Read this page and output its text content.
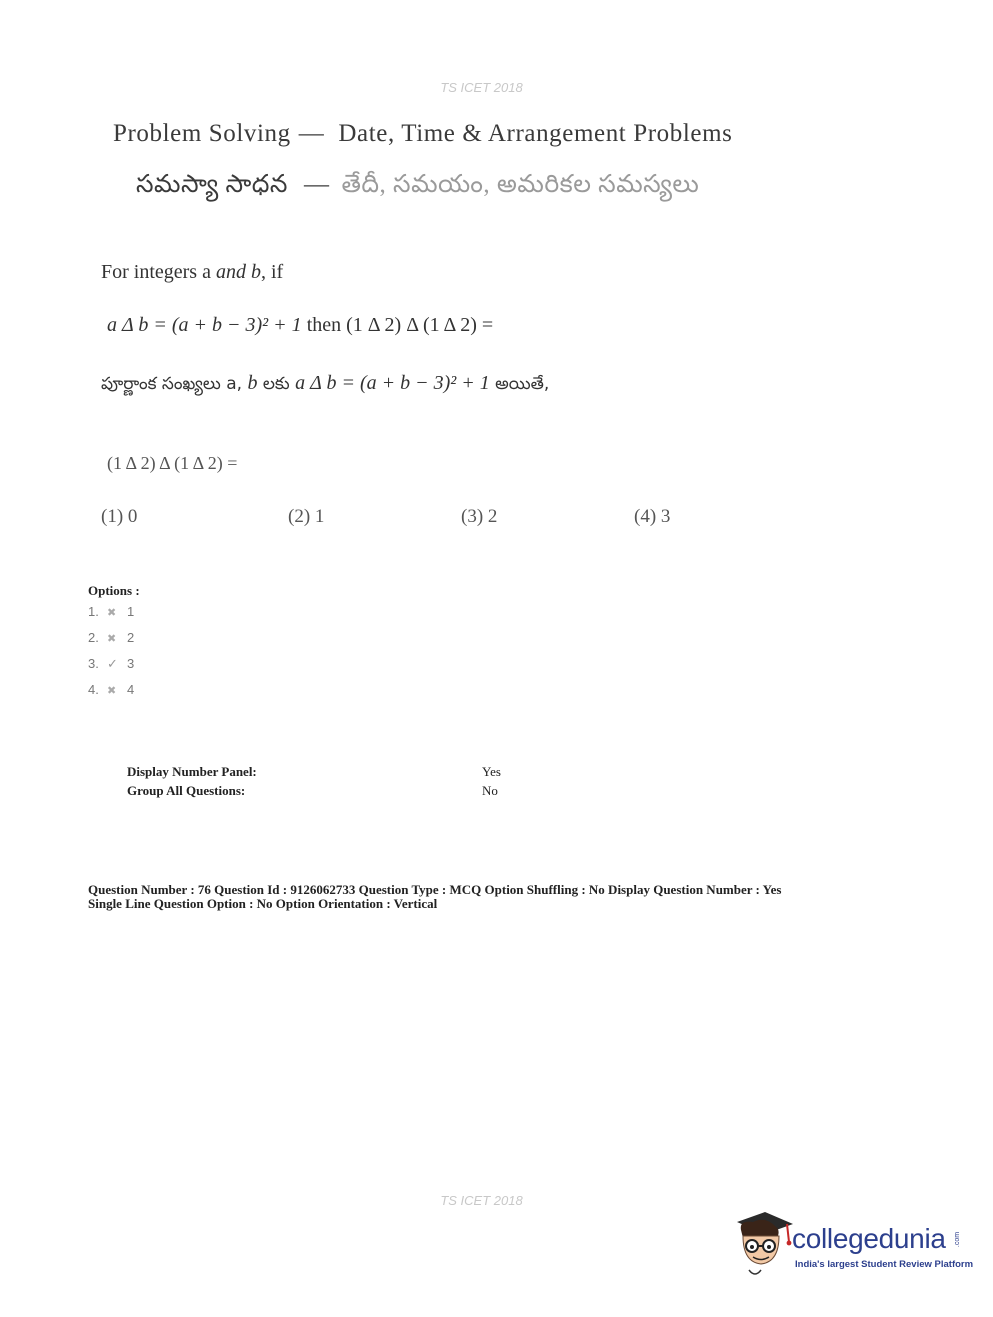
TS ICET 2018
Problem Solving — Date, Time & Arrangement Problems
సమస్యా సాధన — తేదీ, సమయం, అమరికల సమస్యలు
For integers a and b, if
a Δ b = (a + b − 3)² + 1 then (1 Δ 2) Δ (1 Δ 2) =
పూర్ణాంక సంఖ్యలు a, b లకు a Δ b = (a + b − 3)² + 1 అయితే,
(1 Δ 2) Δ (1 Δ 2) =
(1) 0	(2) 1	(3) 2	(4) 3
Options :
1. ✖ 1
2. ✖ 2
3. ✓ 3
4. ✖ 4
Display Number Panel:	Yes
Group All Questions:	No
Question Number : 76 Question Id : 9126062733 Question Type : MCQ Option Shuffling : No Display Question Number : Yes
Single Line Question Option : No Option Orientation : Vertical
TS ICET 2018
collegedunia .com
India's largest Student Review Platform
